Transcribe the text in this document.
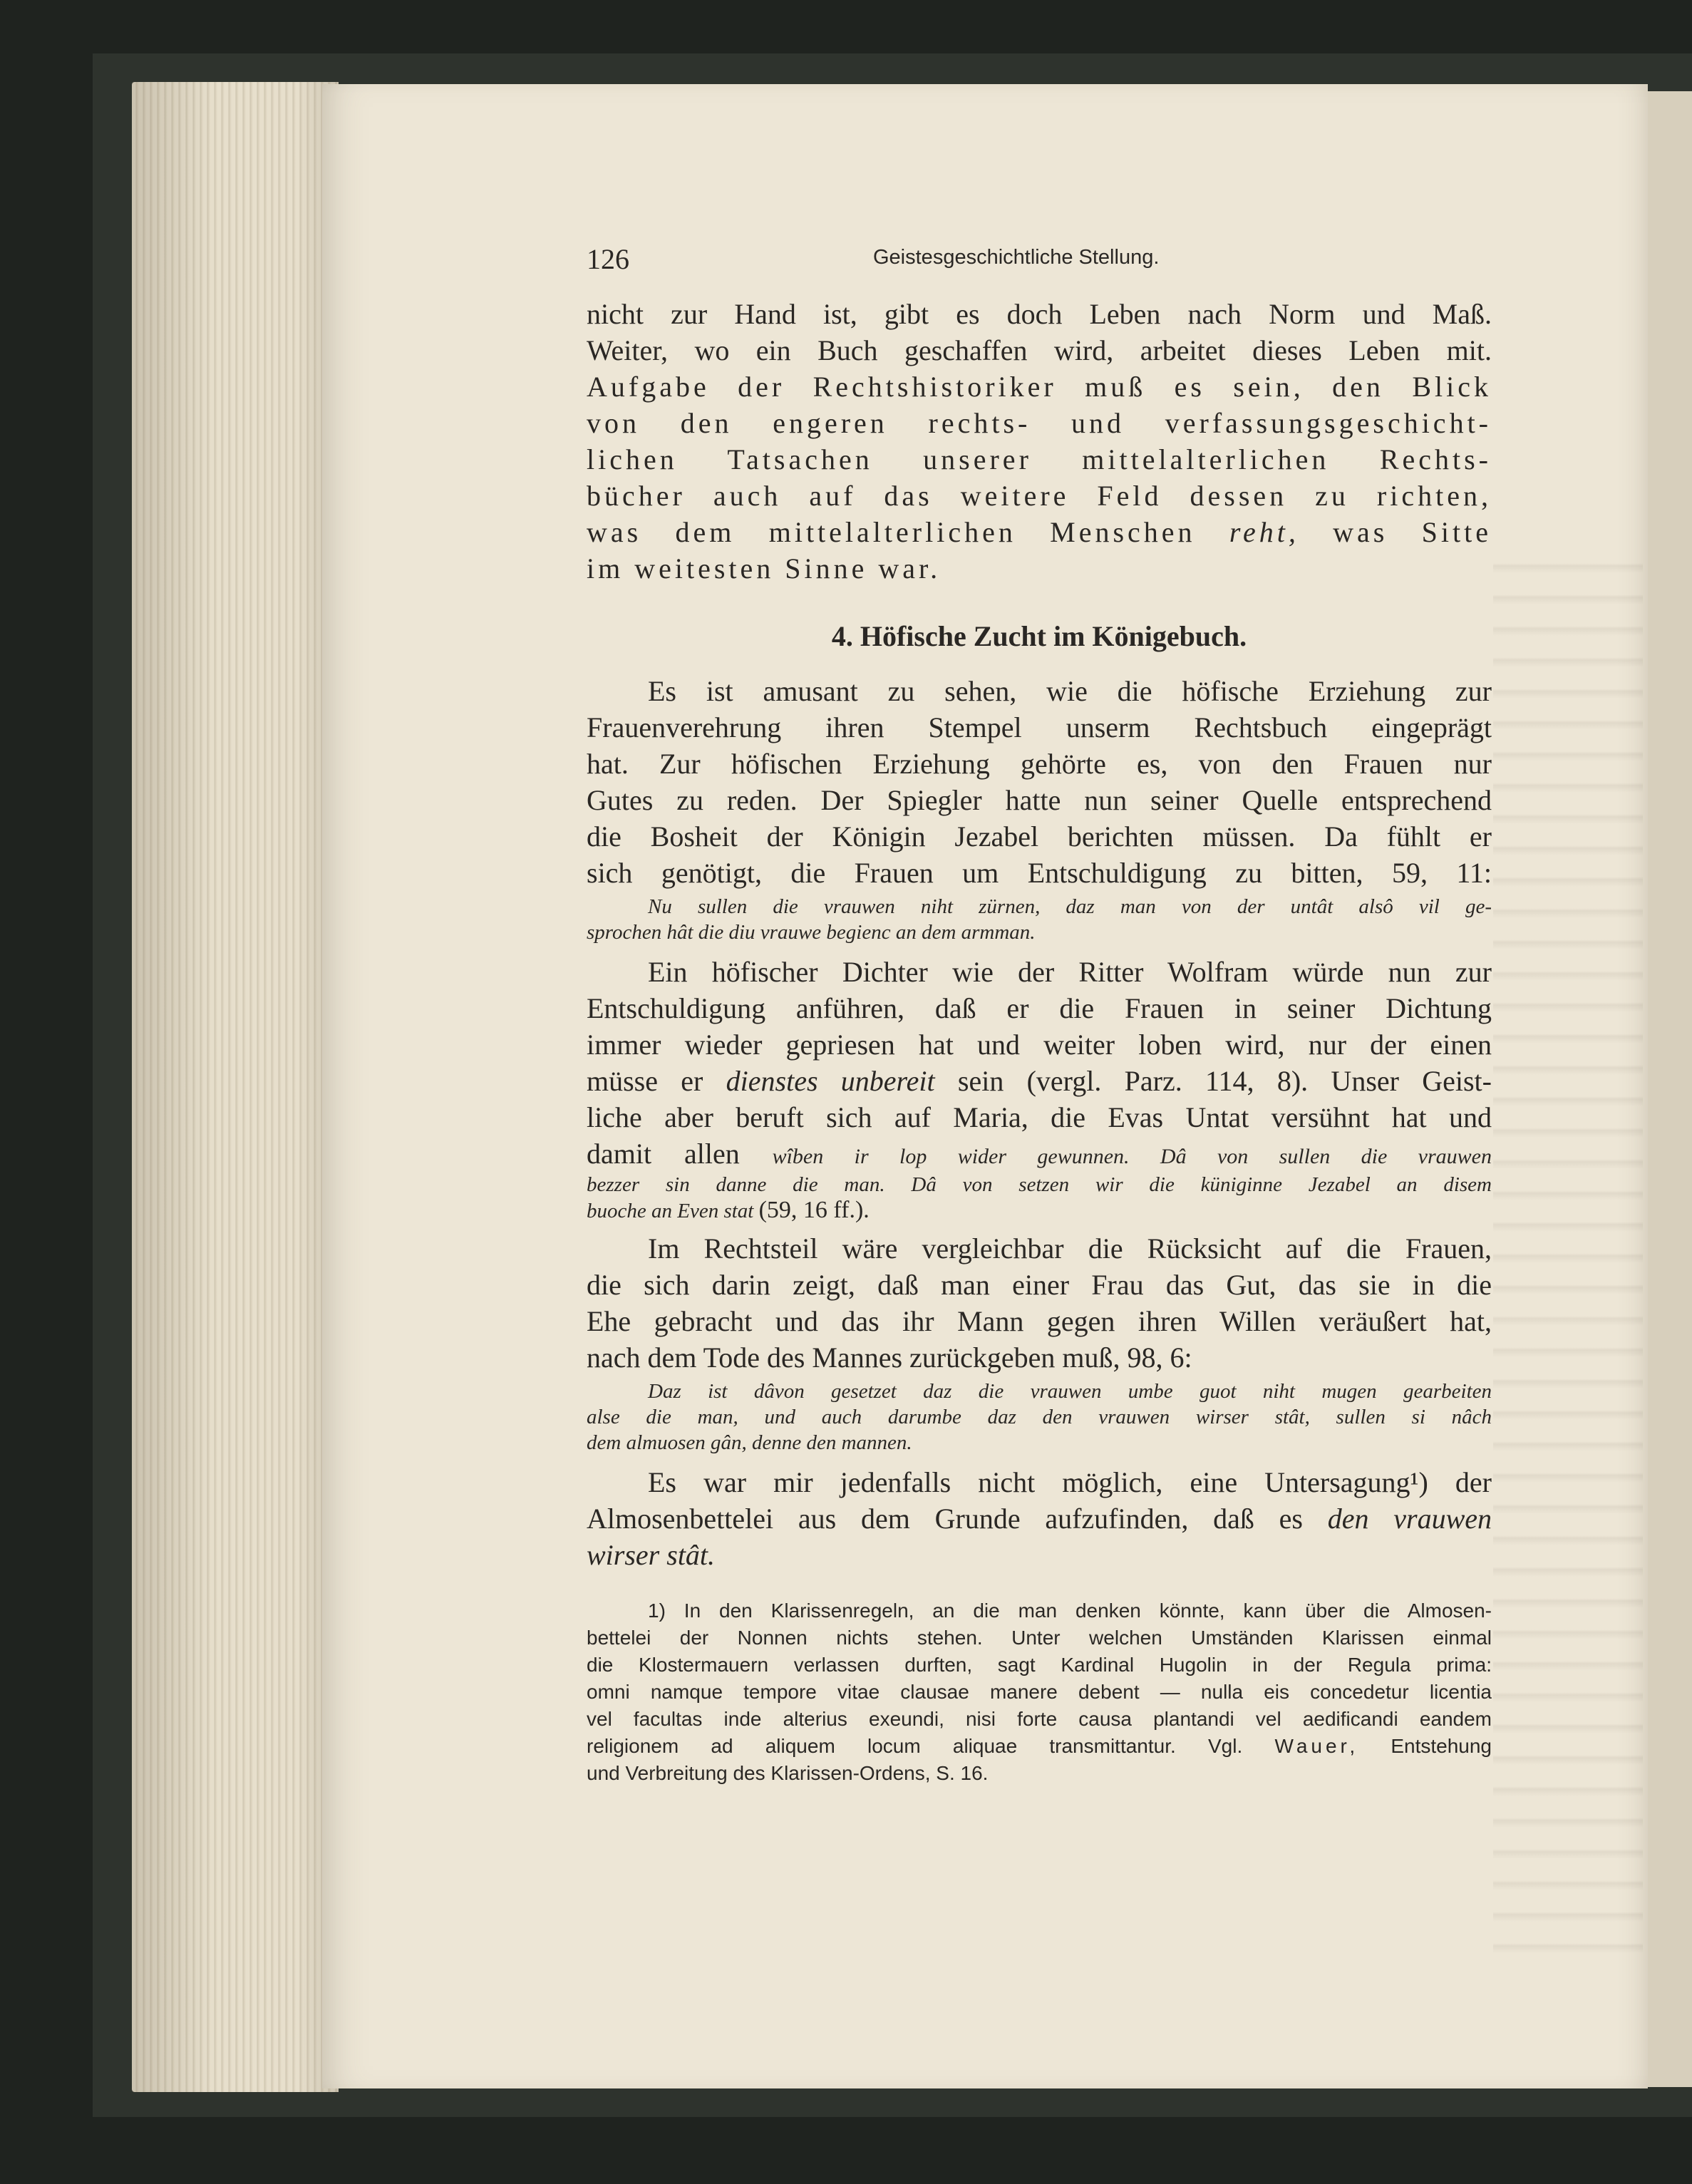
126	Geistesgeschichtliche Stellung.
nicht zur Hand ist, gibt es doch Leben nach Norm und Maß.
Weiter, wo ein Buch geschaffen wird, arbeitet dieses Leben mit.
Aufgabe der Rechtshistoriker muß es sein, den Blick
von den engeren rechts- und verfassungsgeschicht-
lichen Tatsachen unserer mittelalterlichen Rechts-
bücher auch auf das weitere Feld dessen zu richten,
was dem mittelalterlichen Menschen reht, was Sitte
im weitesten Sinne war.
4. Höfische Zucht im Königebuch.
Es ist amusant zu sehen, wie die höfische Erziehung zur
Frauenverehrung ihren Stempel unserm Rechtsbuch eingeprägt
hat. Zur höfischen Erziehung gehörte es, von den Frauen nur
Gutes zu reden. Der Spiegler hatte nun seiner Quelle entsprechend
die Bosheit der Königin Jezabel berichten müssen. Da fühlt er
sich genötigt, die Frauen um Entschuldigung zu bitten, 59, 11:
Nu sullen die vrauwen niht zürnen, daz man von der untât alsô vil ge-
sprochen hât die diu vrauwe begienc an dem armman.
Ein höfischer Dichter wie der Ritter Wolfram würde nun zur
Entschuldigung anführen, daß er die Frauen in seiner Dichtung
immer wieder gepriesen hat und weiter loben wird, nur der einen
müsse er dienstes unbereit sein (vergl. Parz. 114, 8). Unser Geist-
liche aber beruft sich auf Maria, die Evas Untat versühnt hat und
damit allen wîben ir lop wider gewunnen. Dâ von sullen die vrauwen
bezzer sin danne die man. Dâ von setzen wir die küniginne Jezabel an disem
buoche an Even stat (59, 16 ff.).
Im Rechtsteil wäre vergleichbar die Rücksicht auf die Frauen,
die sich darin zeigt, daß man einer Frau das Gut, das sie in die
Ehe gebracht und das ihr Mann gegen ihren Willen veräußert hat,
nach dem Tode des Mannes zurückgeben muß, 98, 6:
Daz ist dâvon gesetzet daz die vrauwen umbe guot niht mugen gearbeiten
alse die man, und auch darumbe daz den vrauwen wirser stât, sullen si nâch
dem almuosen gân, denne den mannen.
Es war mir jedenfalls nicht möglich, eine Untersagung¹) der
Almosenbettelei aus dem Grunde aufzufinden, daß es den vrauwen
wirser stât.
1) In den Klarissenregeln, an die man denken könnte, kann über die Almosen-
bettelei der Nonnen nichts stehen. Unter welchen Umständen Klarissen einmal
die Klostermauern verlassen durften, sagt Kardinal Hugolin in der Regula prima:
omni namque tempore vitae clausae manere debent — nulla eis concedetur licentia
vel facultas inde alterius exeundi, nisi forte causa plantandi vel aedificandi eandem
religionem ad aliquem locum aliquae transmittantur. Vgl. Wauer, Entstehung
und Verbreitung des Klarissen-Ordens, S. 16.
